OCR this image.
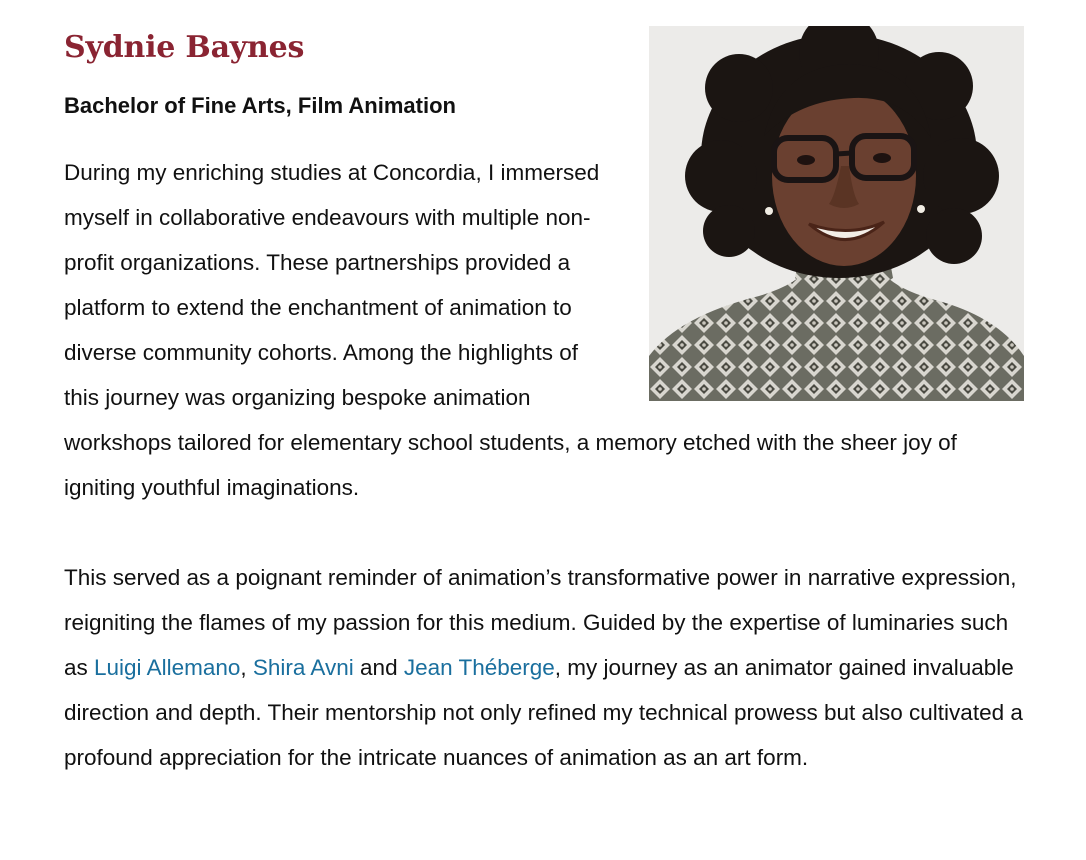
Sydnie Baynes
Bachelor of Fine Arts, Film Animation

During my enriching studies at Concordia, I immersed myself in collaborative endeavours with multiple non-profit organizations. These partnerships provided a platform to extend the enchantment of animation to diverse community cohorts. Among the highlights of this journey was organizing bespoke animation workshops tailored for elementary school students, a memory etched with the sheer joy of igniting youthful imaginations.

This served as a poignant reminder of animation’s transformative power in narrative expression, reigniting the flames of my passion for this medium. Guided by the expertise of luminaries such as Luigi Allemano, Shira Avni and Jean Théberge, my journey as an animator gained invaluable direction and depth. Their mentorship not only refined my technical prowess but also cultivated a profound appreciation for the intricate nuances of animation as an art form.
